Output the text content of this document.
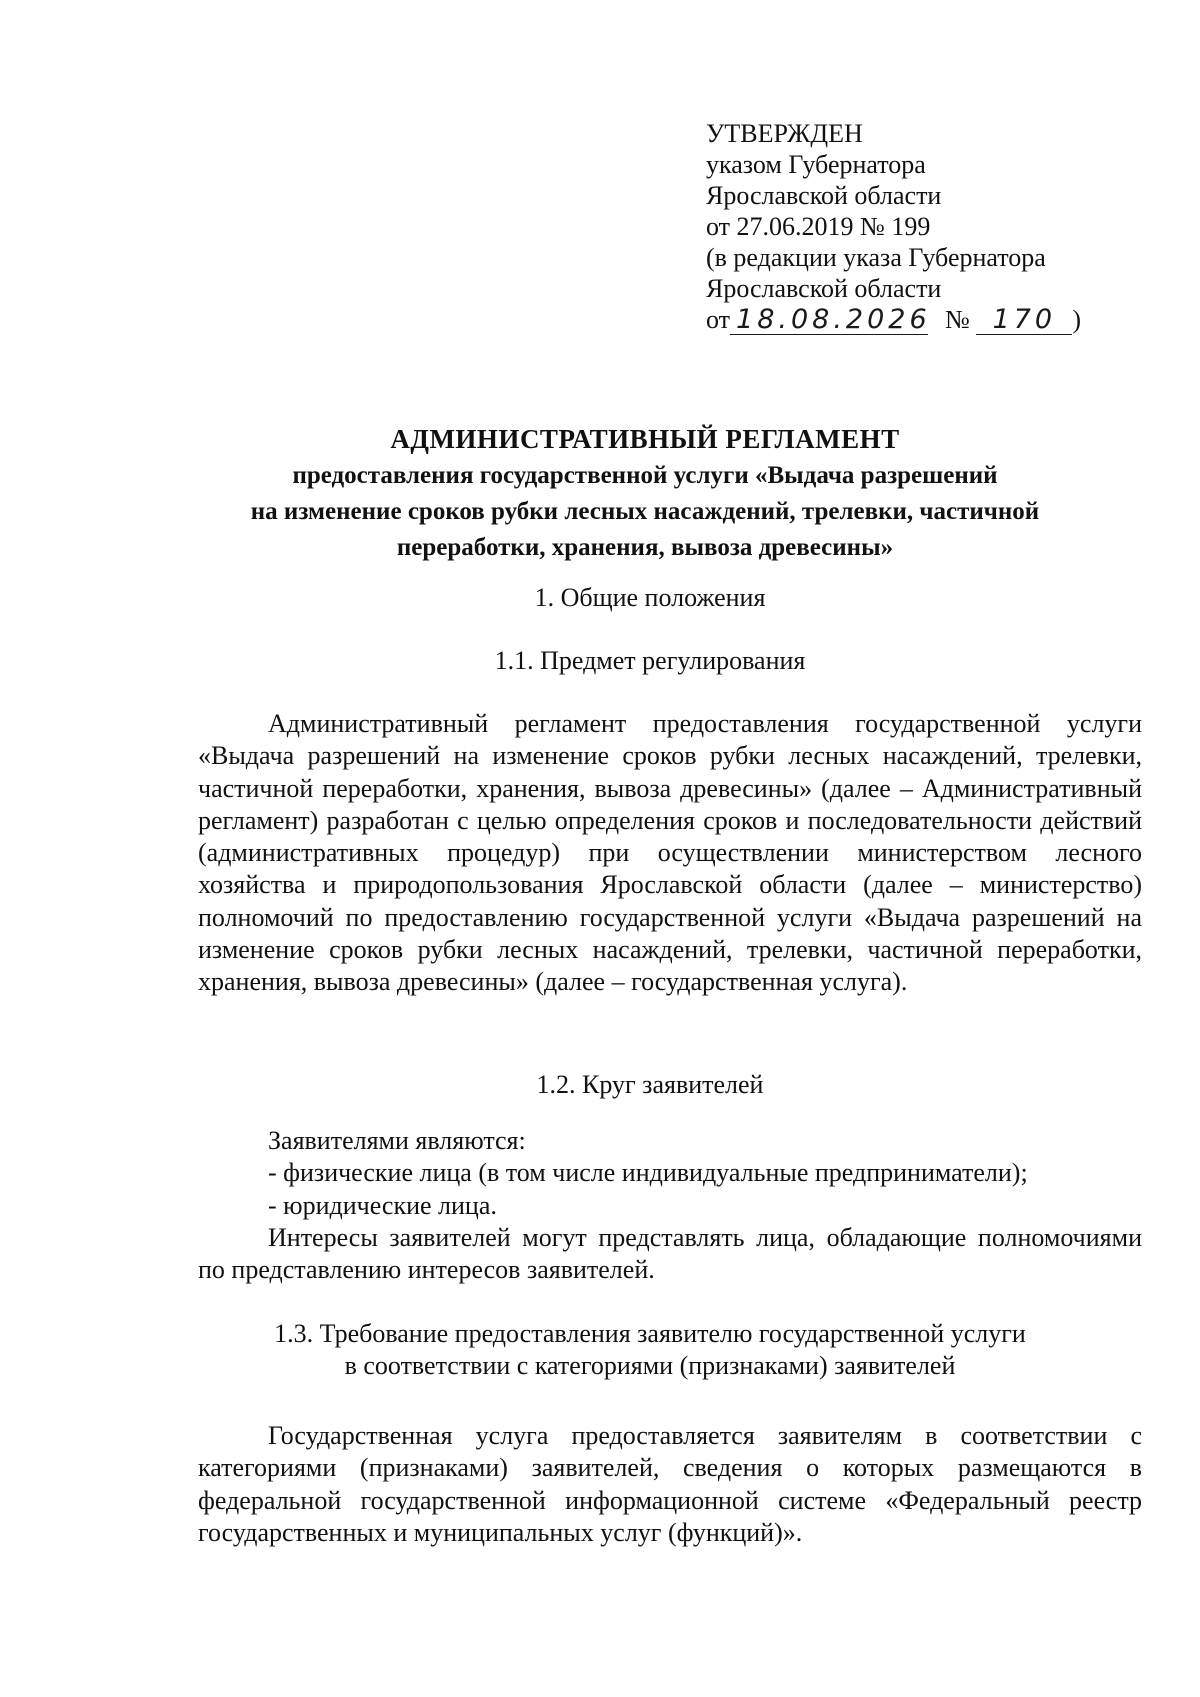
УТВЕРЖДЕН
указом Губернатора
Ярославской области
от 27.06.2019 № 199
(в редакции указа Губернатора
Ярославской области
от 18.08.2026 № 170 )
АДМИНИСТРАТИВНЫЙ РЕГЛАМЕНТ
предоставления государственной услуги «Выдача разрешений
на изменение сроков рубки лесных насаждений, трелевки, частичной
переработки, хранения, вывоза древесины»
1. Общие положения
1.1. Предмет регулирования
Административный регламент предоставления государственной услуги «Выдача разрешений на изменение сроков рубки лесных насаждений, трелевки, частичной переработки, хранения, вывоза древесины» (далее – Административный регламент) разработан с целью определения сроков и последовательности действий (административных процедур) при осуществлении министерством лесного хозяйства и природопользования Ярославской области (далее – министерство) полномочий по предоставлению государственной услуги «Выдача разрешений на изменение сроков рубки лесных насаждений, трелевки, частичной переработки, хранения, вывоза древесины» (далее – государственная услуга).
1.2. Круг заявителей
Заявителями являются:
- физические лица (в том числе индивидуальные предприниматели);
- юридические лица.
Интересы заявителей могут представлять лица, обладающие полномочиями по представлению интересов заявителей.
1.3. Требование предоставления заявителю государственной услуги
в соответствии с категориями (признаками) заявителей
Государственная услуга предоставляется заявителям в соответствии с категориями (признаками) заявителей, сведения о которых размещаются в федеральной государственной информационной системе «Федеральный реестр государственных и муниципальных услуг (функций)».
